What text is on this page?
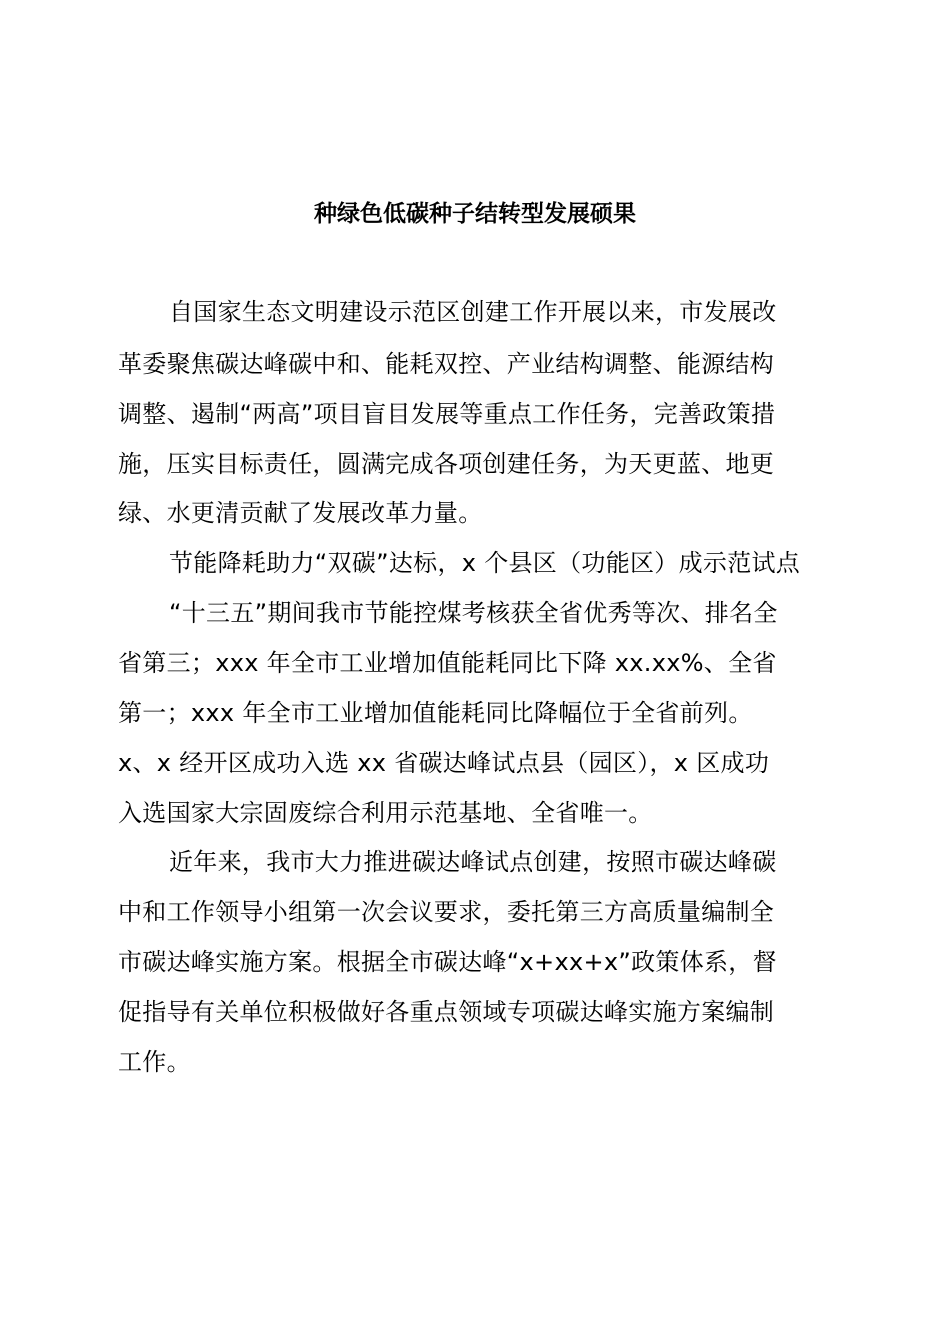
种绿色低碳种子结转型发展硕果

自国家生态文明建设示范区创建工作开展以来，市发展改

革委聚焦碳达峰碳中和、能耗双控、产业结构调整、能源结构

调整、遏制“两高”项目盲目发展等重点工作任务，完善政策措

施，压实目标责任，圆满完成各项创建任务，为天更蓝、地更

绿、水更清贡献了发展改革力量。

节能降耗助力“双碳”达标，x 个县区（功能区）成示范试点

“十三五”期间我市节能控煤考核获全省优秀等次、排名全

省第三；xxx 年全市工业增加值能耗同比下降 xx.xx%、全省

第一；xxx 年全市工业增加值能耗同比降幅位于全省前列。

x、x 经开区成功入选 xx 省碳达峰试点县（园区），x 区成功

入选国家大宗固废综合利用示范基地、全省唯一。

近年来，我市大力推进碳达峰试点创建，按照市碳达峰碳

中和工作领导小组第一次会议要求，委托第三方高质量编制全

市碳达峰实施方案。根据全市碳达峰“x+xx+x”政策体系，督

促指导有关单位积极做好各重点领域专项碳达峰实施方案编制

工作。
